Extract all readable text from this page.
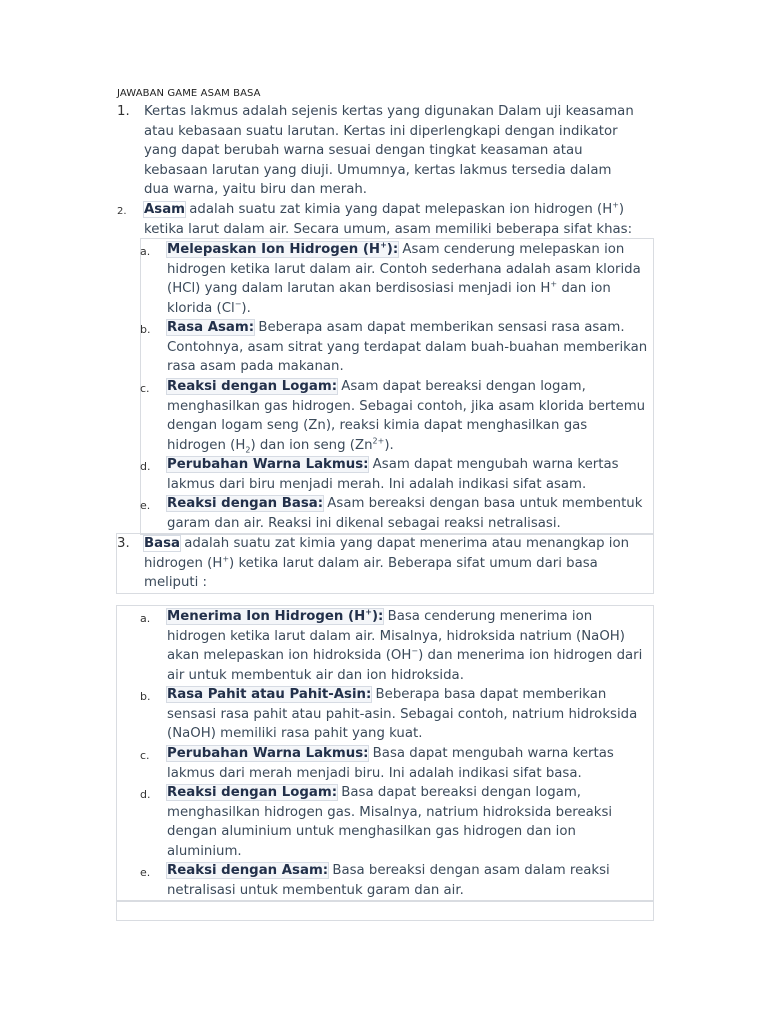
JAWABAN GAME ASAM BASA
1.	Kertas lakmus adalah sejenis kertas yang digunakan Dalam uji keasaman atau kebasaan suatu larutan. Kertas ini diperlengkapi dengan indikator yang dapat berubah warna sesuai dengan tingkat keasaman atau kebasaan larutan yang diuji. Umumnya, kertas lakmus tersedia dalam dua warna, yaitu biru dan merah.
2.	Asam adalah suatu zat kimia yang dapat melepaskan ion hidrogen (H+) ketika larut dalam air. Secara umum, asam memiliki beberapa sifat khas:
a.	Melepaskan Ion Hidrogen (H+): Asam cenderung melepaskan ion hidrogen ketika larut dalam air. Contoh sederhana adalah asam klorida (HCl) yang dalam larutan akan berdisosiasi menjadi ion H+ dan ion klorida (Cl−).
b.	Rasa Asam: Beberapa asam dapat memberikan sensasi rasa asam. Contohnya, asam sitrat yang terdapat dalam buah-buahan memberikan rasa asam pada makanan.
c.	Reaksi dengan Logam: Asam dapat bereaksi dengan logam, menghasilkan gas hidrogen. Sebagai contoh, jika asam klorida bertemu dengan logam seng (Zn), reaksi kimia dapat menghasilkan gas hidrogen $(H_2)$ dan ion seng $(Zn^{2+})$.
d.	Perubahan Warna Lakmus: Asam dapat mengubah warna kertas lakmus dari biru menjadi merah. Ini adalah indikasi sifat asam.
e.	Reaksi dengan Basa: Asam bereaksi dengan basa untuk membentuk garam dan air. Reaksi ini dikenal sebagai reaksi netralisasi.
3.	Basa adalah suatu zat kimia yang dapat menerima atau menangkap ion hidrogen (H+) ketika larut dalam air. Beberapa sifat umum dari basa meliputi :
a.	Menerima Ion Hidrogen (H+): Basa cenderung menerima ion hidrogen ketika larut dalam air. Misalnya, hidroksida natrium (NaOH) akan melepaskan ion hidroksida (OH−) dan menerima ion hidrogen dari air untuk membentuk air dan ion hidroksida.
b.	Rasa Pahit atau Pahit-Asin: Beberapa basa dapat memberikan sensasi rasa pahit atau pahit-asin. Sebagai contoh, natrium hidroksida (NaOH) memiliki rasa pahit yang kuat.
c.	Perubahan Warna Lakmus: Basa dapat mengubah warna kertas lakmus dari merah menjadi biru. Ini adalah indikasi sifat basa.
d.	Reaksi dengan Logam: Basa dapat bereaksi dengan logam, menghasilkan hidrogen gas. Misalnya, natrium hidroksida bereaksi dengan aluminium untuk menghasilkan gas hidrogen dan ion aluminium.
e.	Reaksi dengan Asam: Basa bereaksi dengan asam dalam reaksi netralisasi untuk membentuk garam dan air.
